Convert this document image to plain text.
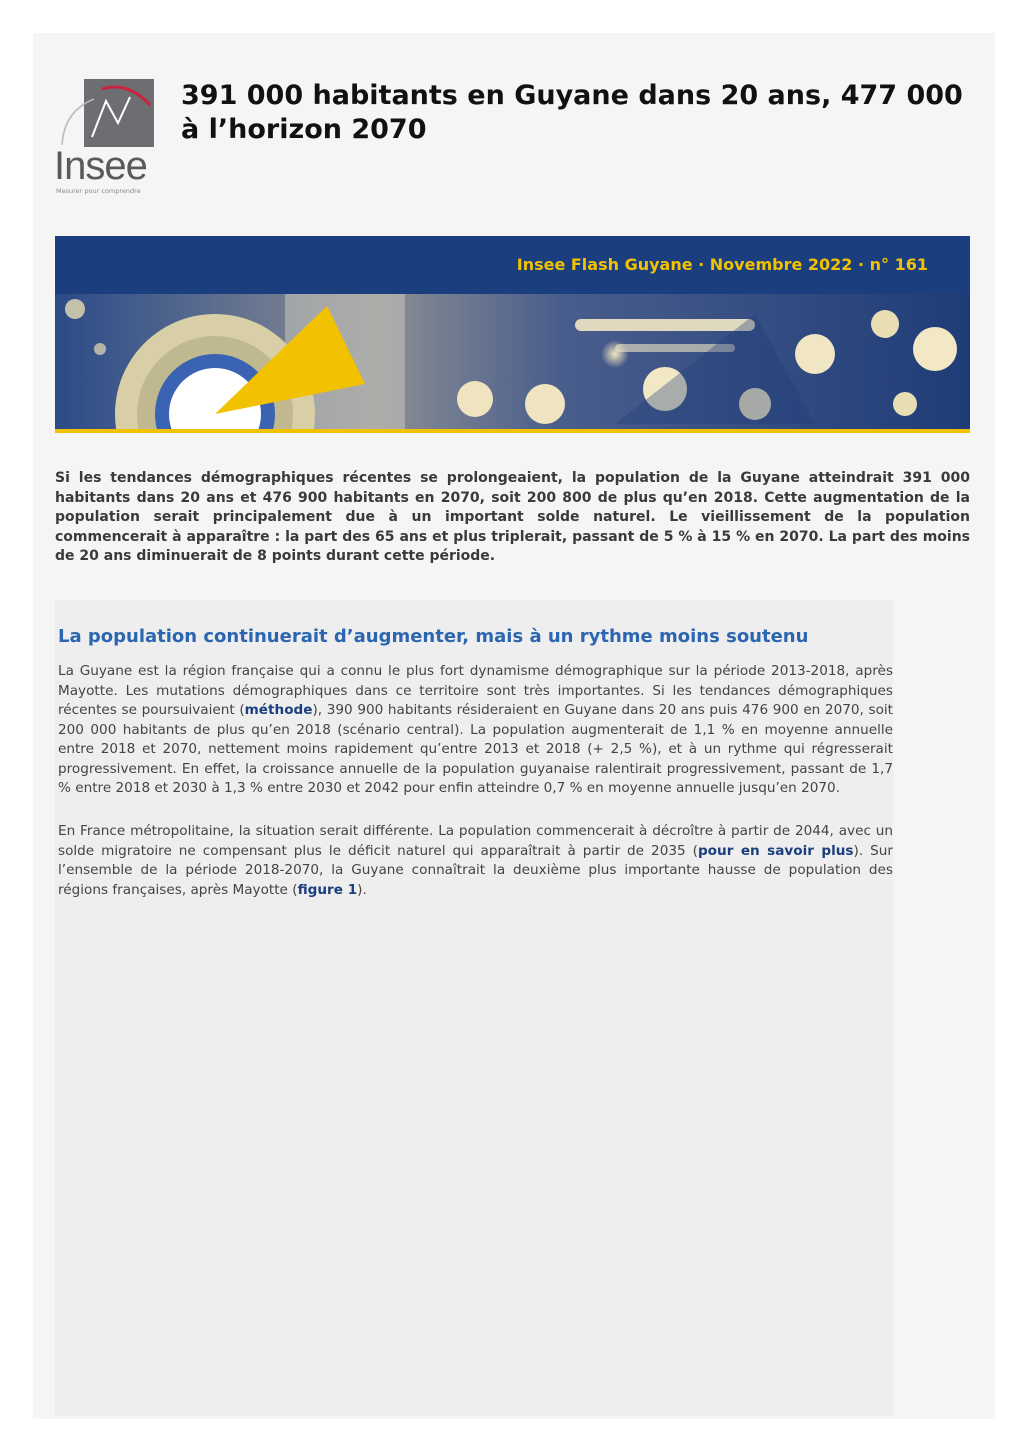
Insee
Mesurer pour comprendre
391 000 habitants en Guyane dans 20 ans, 477 000 à l’horizon 2070
Insee Flash Guyane · Novembre 2022 · n° 161

Si les tendances démographiques récentes se prolongeaient, la population de la Guyane atteindrait 391 000 habitants dans 20 ans et 476 900 habitants en 2070, soit 200 800 de plus qu’en 2018. Cette augmentation de la population serait principalement due à un important solde naturel. Le vieillissement de la population commencerait à apparaître : la part des 65 ans et plus triplerait, passant de 5 % à 15 % en 2070. La part des moins de 20 ans diminuerait de 8 points durant cette période.

La population continuerait d’augmenter, mais à un rythme moins soutenu

La Guyane est la région française qui a connu le plus fort dynamisme démographique sur la période 2013-2018, après Mayotte. Les mutations démographiques dans ce territoire sont très importantes. Si les tendances démographiques récentes se poursuivaient (méthode), 390 900 habitants résideraient en Guyane dans 20 ans puis 476 900 en 2070, soit 200 000 habitants de plus qu’en 2018 (scénario central). La population augmenterait de 1,1 % en moyenne annuelle entre 2018 et 2070, nettement moins rapidement qu’entre 2013 et 2018 (+ 2,5 %), et à un rythme qui régresserait progressivement. En effet, la croissance annuelle de la population guyanaise ralentirait progressivement, passant de 1,7 % entre 2018 et 2030 à 1,3 % entre 2030 et 2042 pour enfin atteindre 0,7 % en moyenne annuelle jusqu’en 2070.

En France métropolitaine, la situation serait différente. La population commencerait à décroître à partir de 2044, avec un solde migratoire ne compensant plus le déficit naturel qui apparaîtrait à partir de 2035 (pour en savoir plus). Sur l’ensemble de la période 2018-2070, la Guyane connaîtrait la deuxième plus importante hausse de population des régions françaises, après Mayotte (figure 1).
